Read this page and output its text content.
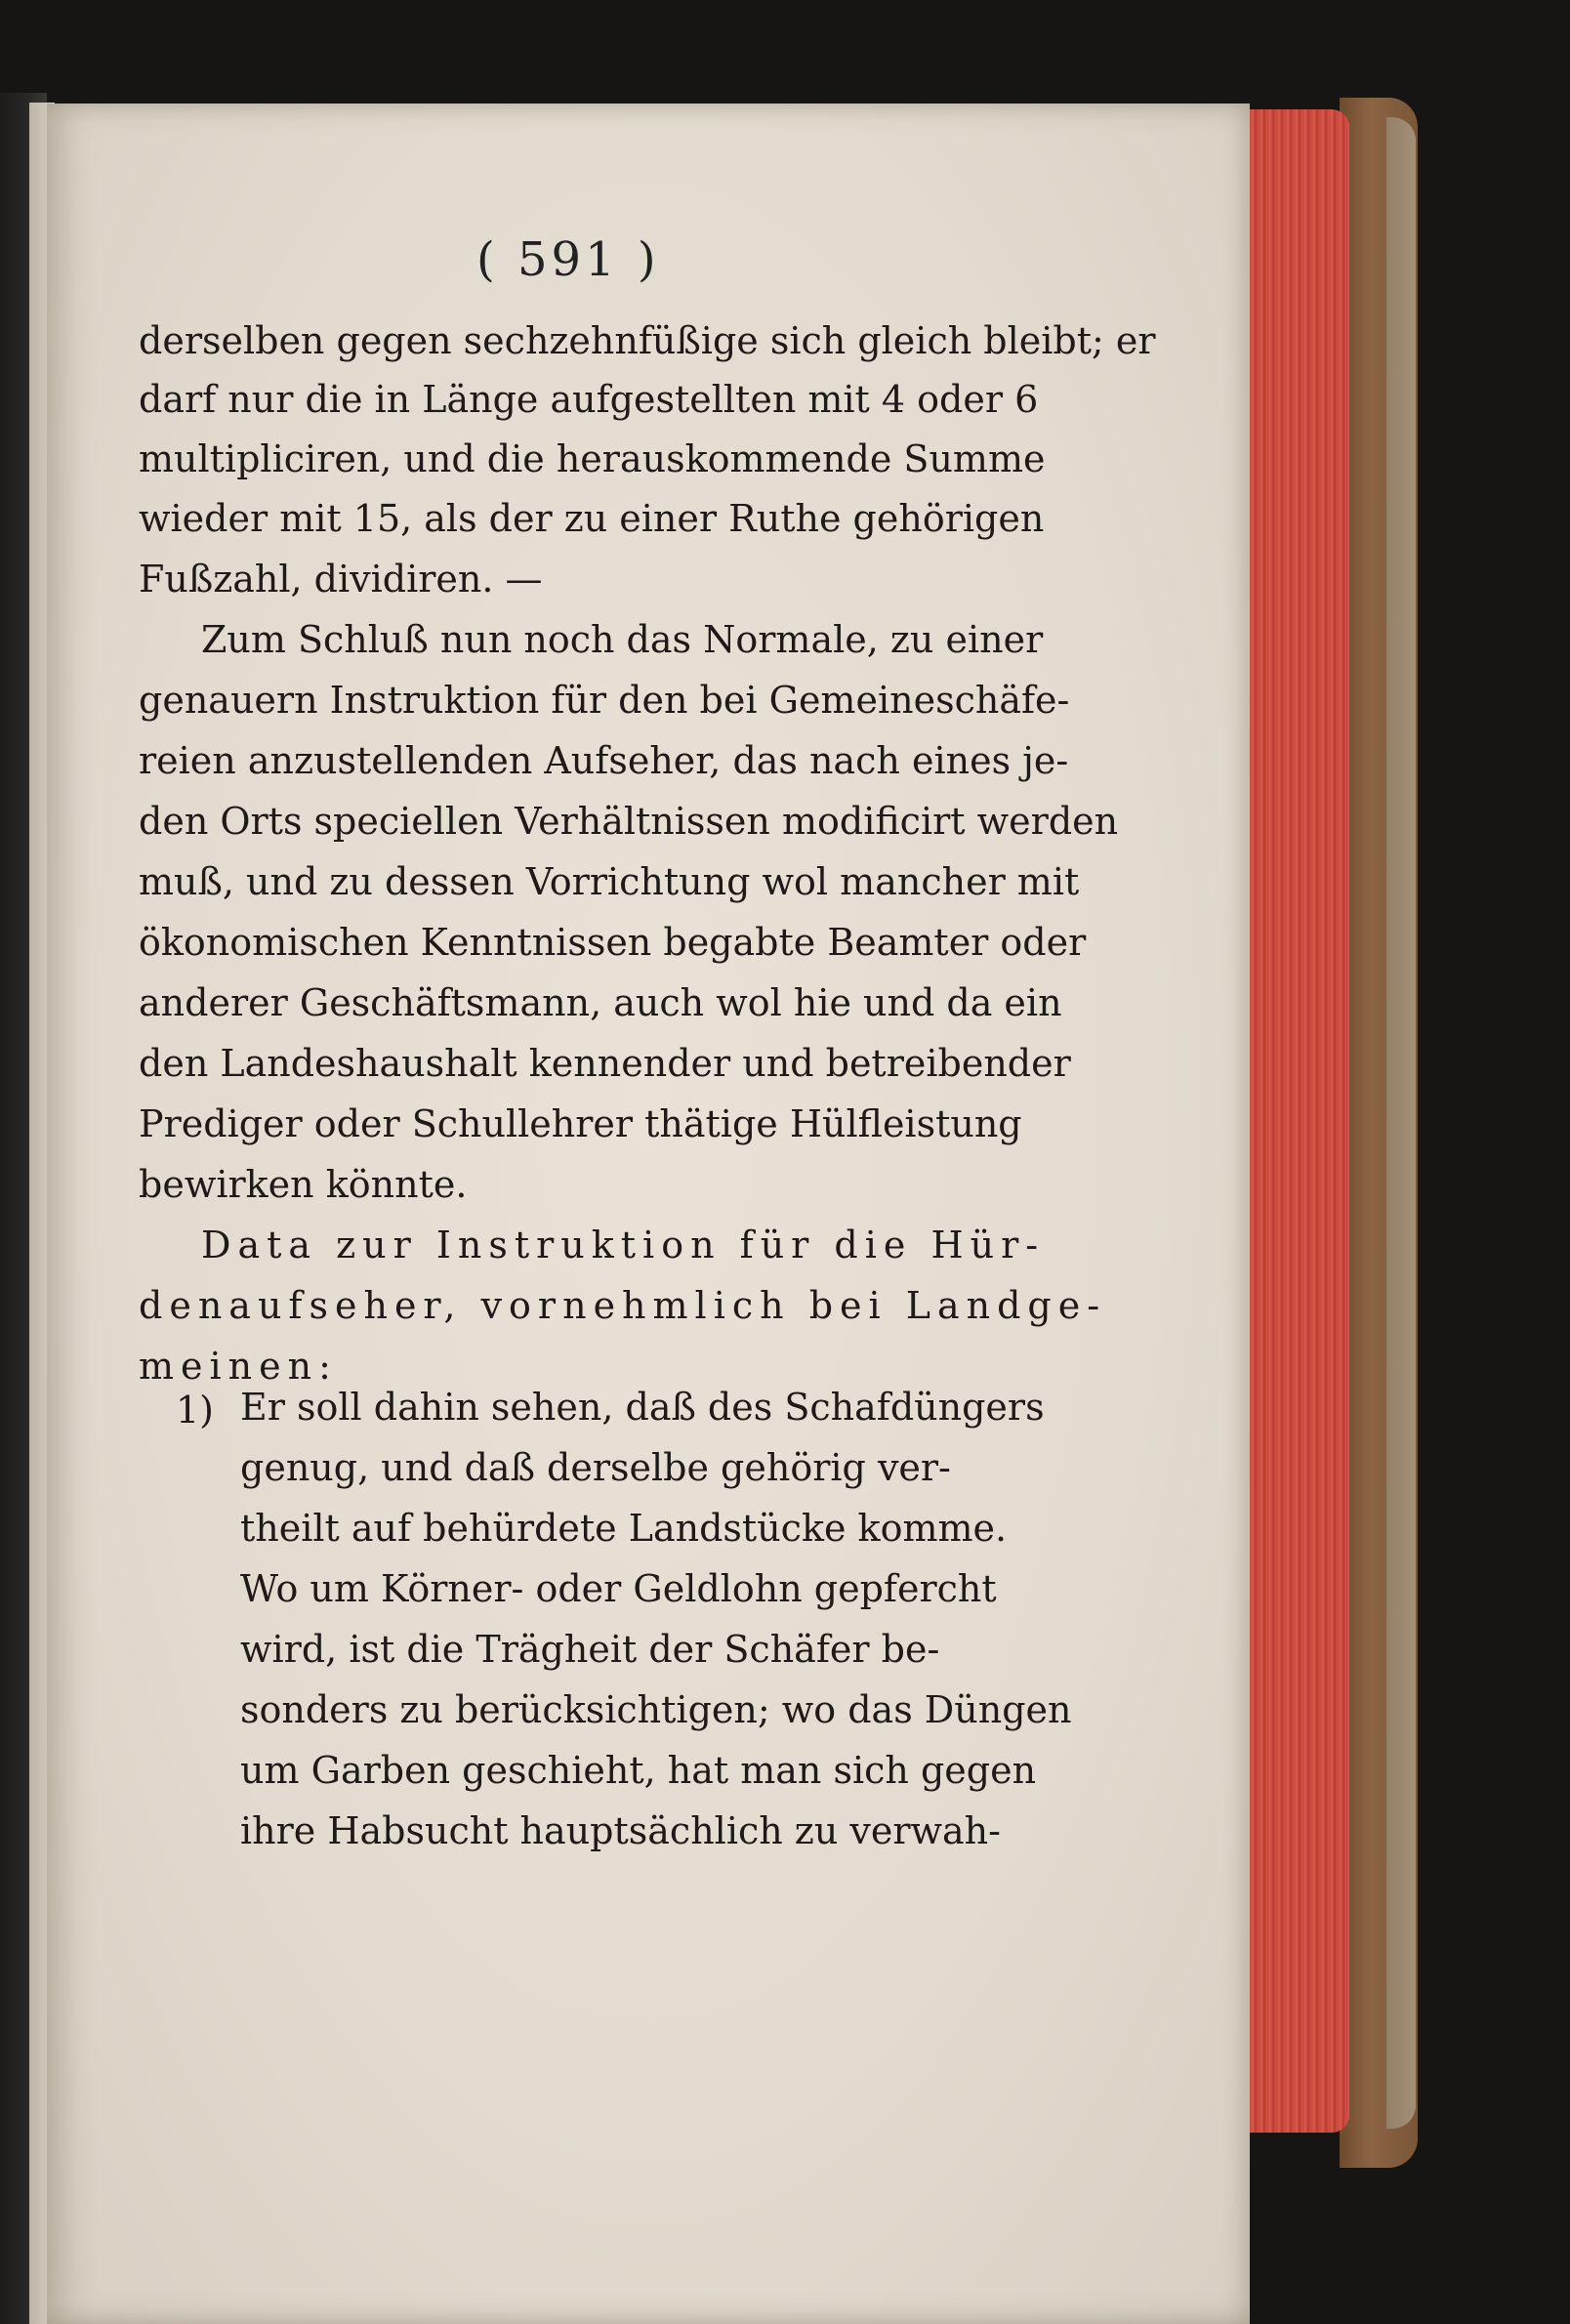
( 591 )
derselben gegen sechzehnfüßige sich gleich bleibt; er
darf nur die in Länge aufgestellten mit 4 oder 6
multipliciren, und die herauskommende Summe
wieder mit 15, als der zu einer Ruthe gehörigen
Fußzahl, dividiren. —
Zum Schluß nun noch das Normale, zu einer
genauern Instruktion für den bei Gemeineschäfe-
reien anzustellenden Aufseher, das nach eines je-
den Orts speciellen Verhältnissen modificirt werden
muß, und zu dessen Vorrichtung wol mancher mit
ökonomischen Kenntnissen begabte Beamter oder
anderer Geschäftsmann, auch wol hie und da ein
den Landeshaushalt kennender und betreibender
Prediger oder Schullehrer thätige Hülfleistung
bewirken könnte.
Data zur Instruktion für die Hür-
denaufseher, vornehmlich bei Landge-
meinen:
1) Er soll dahin sehen, daß des Schafdüngers
genug, und daß derselbe gehörig ver-
theilt auf behürdete Landstücke komme.
Wo um Körner- oder Geldlohn gepfercht
wird, ist die Trägheit der Schäfer be-
sonders zu berücksichtigen; wo das Düngen
um Garben geschieht, hat man sich gegen
ihre Habsucht hauptsächlich zu verwah-
